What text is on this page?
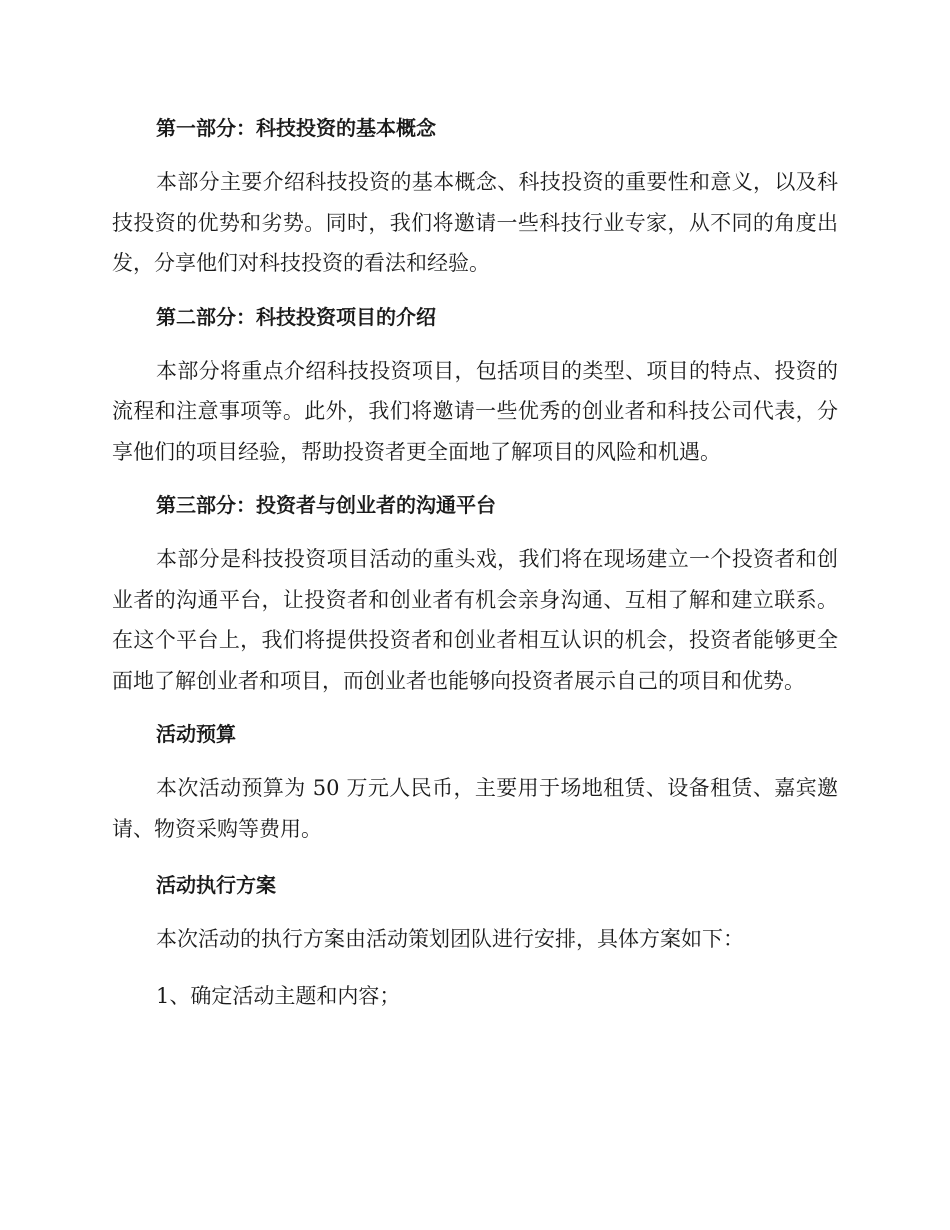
第一部分：科技投资的基本概念

本部分主要介绍科技投资的基本概念、科技投资的重要性和意义，以及科技投资的优势和劣势。同时，我们将邀请一些科技行业专家，从不同的角度出发，分享他们对科技投资的看法和经验。

第二部分：科技投资项目的介绍

本部分将重点介绍科技投资项目，包括项目的类型、项目的特点、投资的流程和注意事项等。此外，我们将邀请一些优秀的创业者和科技公司代表，分享他们的项目经验，帮助投资者更全面地了解项目的风险和机遇。

第三部分：投资者与创业者的沟通平台

本部分是科技投资项目活动的重头戏，我们将在现场建立一个投资者和创业者的沟通平台，让投资者和创业者有机会亲身沟通、互相了解和建立联系。在这个平台上，我们将提供投资者和创业者相互认识的机会，投资者能够更全面地了解创业者和项目，而创业者也能够向投资者展示自己的项目和优势。

活动预算

本次活动预算为 50 万元人民币，主要用于场地租赁、设备租赁、嘉宾邀请、物资采购等费用。

活动执行方案

本次活动的执行方案由活动策划团队进行安排，具体方案如下：

1、确定活动主题和内容；
